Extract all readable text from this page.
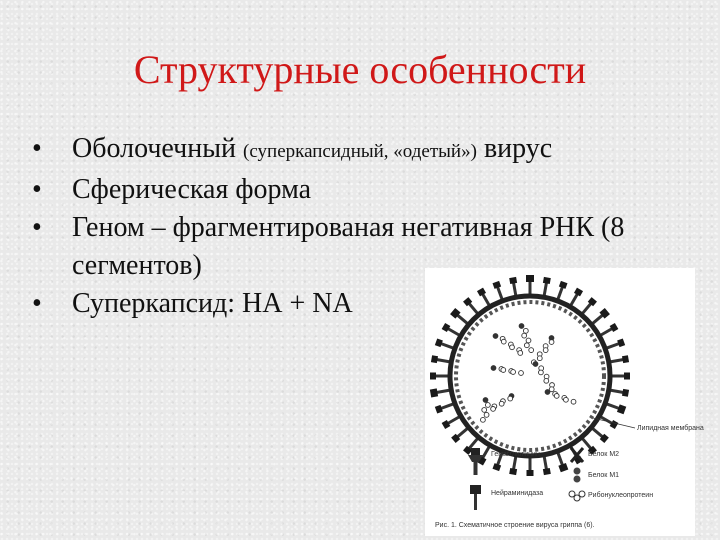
Структурные особенности
• Оболочечный (суперкапсидный, «одетый») вирус
• Сферическая форма
• Геном – фрагментированая негативная РНК (8 сегментов)
• Суперкапсид: НА + NA
Липидная мембрана
Гемагглютинин
Нейраминидаза
Белок M2
Белок M1
Рибонуклеопротеин
Рис. 1. Схематичное строение вируса гриппа (6).
